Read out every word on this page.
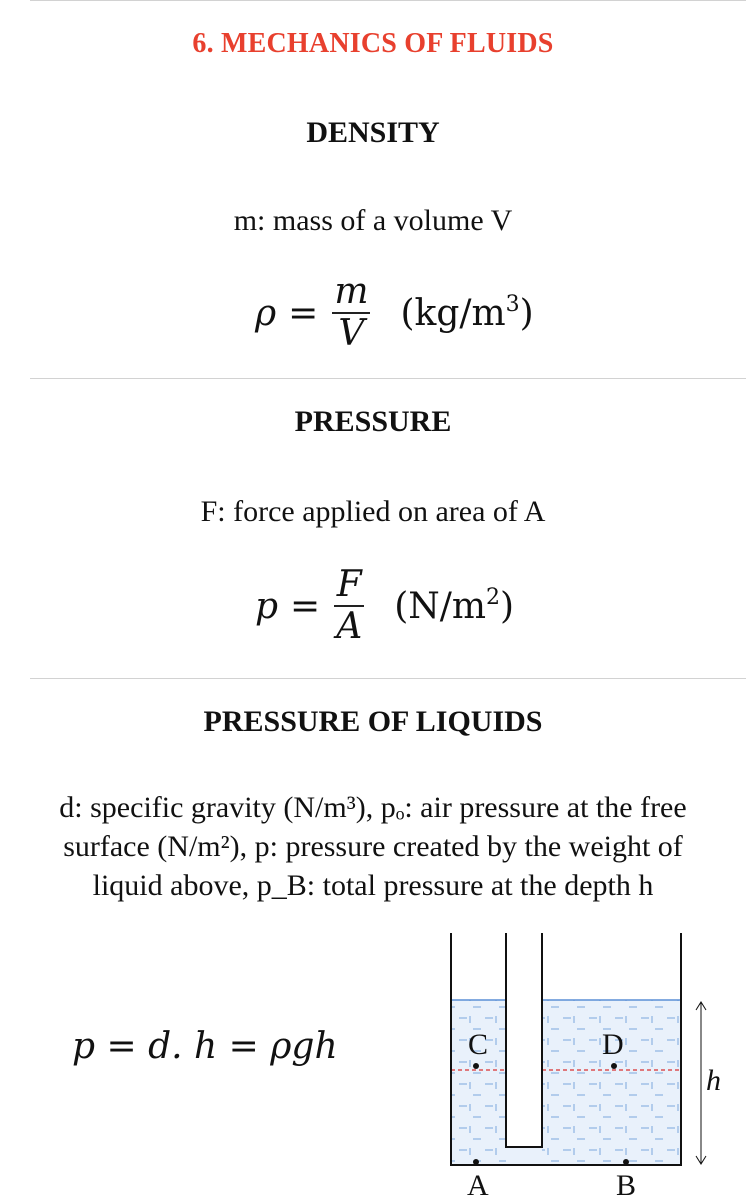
6. MECHANICS OF FLUIDS
DENSITY
m: mass of a volume V
$\rho = \frac{m}{V} (kg/m^3)$
PRESSURE
F: force applied on area of A
$p = \frac{F}{A} (N/m^2)$
PRESSURE OF LIQUIDS
d: specific gravity (N/m³), pₒ: air pressure at the free
surface (N/m²), p: pressure created by the weight of
liquid above, p_B: total pressure at the depth h
p = d. h = ρgh	C	D
A	B
h
